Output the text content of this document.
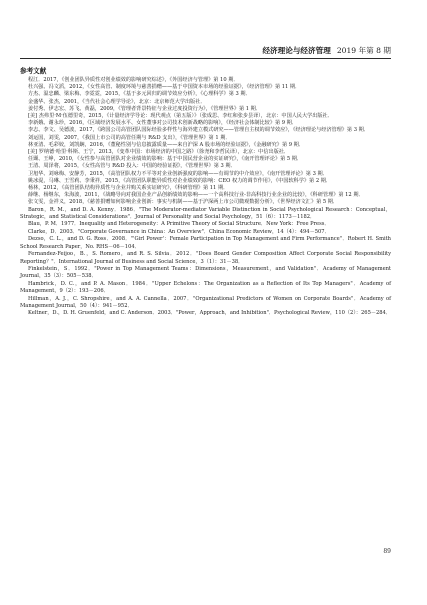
经济理论与经济管理 2019 年第 8 期
参考文献

程江．2017，《创业团队异质性对创业绩效的影响研究综述》，《外国经济与管理》第 10 期．

杜兴强、冯文滔，2012，《女性高管、制度环境与慈善捐赠——基于中国资本市场的经验证据》，《经济管理》第 11 期．

方杰、温忠麟、梁东梅、李霓霓，2015，《基于多元回归的调节效应分析》，《心理科学》第 3 期．

金盛华、张杰，2001，《当代社会心理学导论》，北京：北京师范大学出版社．

姜付秀、伊志宏、苏飞、黄磊，2009，《管理者背景特征与企业过度投资行为》，《管理世界》第 1 期．

[美] 杰弗里·M·伍德里奇，2015，《计量经济学导论：现代观点（第五版）》（张成思、李红和张步昙译），北京：中国人民大学出版社．

李新娥、谢永珍，2016，《区域经济发展水平、女性董事对公司技术创新战略的影响》，《经济社会体制比较》第 9 期．

李志、李文、吴德波，2017，《跨国公司高管团队国际经验多样性与海外建立模式研究——管理自主权的调节效应》，《经济理论与经济管理》第 3 期．

刘运国，刘雯，2007，《我国上市公司的高管任期与 R&D 支出》，《管理世界》第 1 期．

林亚清、毛彩姣，刘凯娴，2016，《董秘性别与信息披露质量——来自沪深 A 股市场的经验证据》，《金融研究》第 9 期．

[美] 罗纳德·哈里·科斯、王宁，2013，《变革中国：市场经济的中国之路》（徐尧和李哲民译），北京：中信出版社．

任颋、王峥，2010，《女性参与高管团队对企业绩效的影响：基于中国民营企业的实证研究》，《南开管理评论》第 5 期．

王清、周泽将，2015，《女性高管与 R&D 投入：中国的经验证据》，《管理世界》第 3 期．

卫旭华、刘咏梅、安静芳，2015，《高管团队权力不平等对企业创新强度的影响——有调节的中介效应》，《南开管理评论》第 3 期．

姚冰湜，马琳、王雪莉、李秉祥，2015，《高管团队职能异质性对企业绩效的影响：CEO 权力的调节作用》，《中国软科学》第 2 期．

杨林，2012，《高管团队结构异质性与企业并购关系实证研究》，《科研管理》第 11 期．

薛继、杨继东，朱海波，2011，《战略导向对我国企业产品创新绩效的影响——一个高科技行业-非高科技行业企业的比较》，《科研管理》第 12 期．

张文雯，金祥义，2018，《慈善捐赠如何影响企业创新：事实与机制——基于沪深两上市公司微观数据分析》，《世界经济文汇》第 5 期．

Baron，R. M.，and D. A. Kenny．1986．"The Moderator-mediator Variable Distinction in Social Psychological Research：Conceptual，Strategic，and Statistical Considerations"．Journal of Personality and Social Psychology，51（6）：1173－1182．

Blau，P. M．1977．Inequality and Heterogeneity：A Primitive Theory of Social Structure．New York：Free Press．

Clarke，D．2003．"Corporate Governance in China：An Overview"．China Economic Review，14（4）：494－507．

Dezso，C. L.，and D. G. Ross．2008．"'Girl Power'：Female Participation in Top Management and Firm Performance"．Robert H. Smith School Research Paper，No. RHS－06－104．

Fernandez-Feijoo，B.，S. Romero，and R. S. Silvia．2012．"Does Board Gender Composition Affect Corporate Social Responsibility Reporting？"．International Journal of Business and Social Science，3（1）：31－38．

Finkelstein，S．1992．"Power in Top Management Teams：Dimensions，Measurement，and Validation"．Academy of Management Journal，35（3）：505－538．

Hambrick，D. C.，and P. A. Mason．1984．"Upper Echelons：The Organization as a Reflection of Its Top Managers"．Academy of Management，9（2）：193－206．

Hillman，A. J.，C. Shropshire，and A. A. Cannella．2007．"Organizational Predictors of Women on Corporate Boards"．Academy of Management Journal，50（4）：941－952．

Keltner，D.，D. H. Gruenfeld，and C. Anderson．2003．"Power，Approach，and Inhibition"．Psychological Review，110（2）：265－284．

89
